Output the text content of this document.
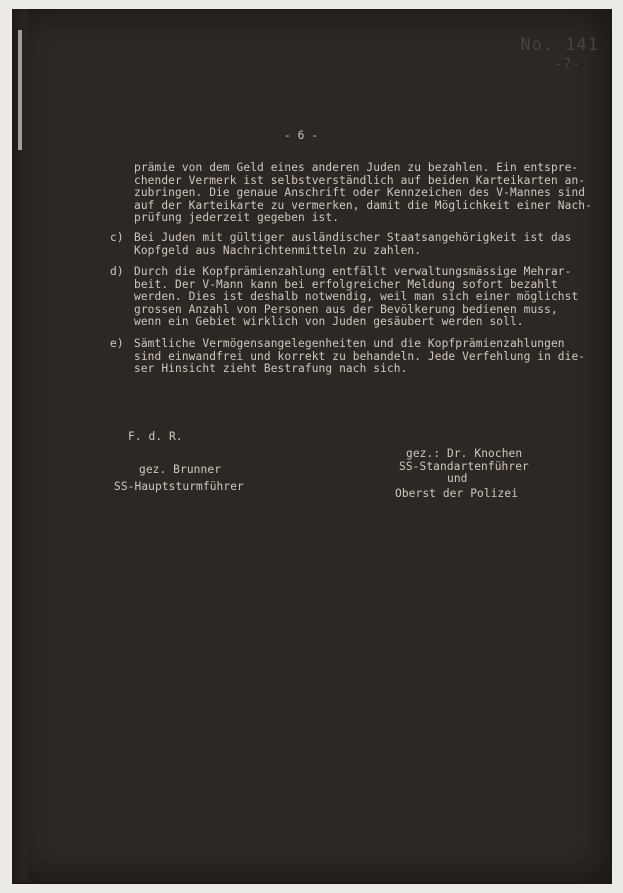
No. 141
-7-
- 6 -
prämie von dem Geld eines anderen Juden zu bezahlen. Ein entspre-
chender Vermerk ist selbstverständlich auf beiden Karteikarten an-
zubringen. Die genaue Anschrift oder Kennzeichen des V-Mannes sind
auf der Karteikarte zu vermerken, damit die Möglichkeit einer Nach-
prüfung jederzeit gegeben ist.
c) Bei Juden mit gültiger ausländischer Staatsangehörigkeit ist das
Kopfgeld aus Nachrichtenmitteln zu zahlen.
d) Durch die Kopfprämienzahlung entfällt verwaltungsmässige Mehrar-
beit. Der V-Mann kann bei erfolgreicher Meldung sofort bezahlt
werden. Dies ist deshalb notwendig, weil man sich einer möglichst
grossen Anzahl von Personen aus der Bevölkerung bedienen muss,
wenn ein Gebiet wirklich von Juden gesäubert werden soll.
e) Sämtliche Vermögensangelegenheiten und die Kopfprämienzahlungen
sind einwandfrei und korrekt zu behandeln. Jede Verfehlung in die-
ser Hinsicht zieht Bestrafung nach sich.
F. d. R.
gez. Brunner
SS-Hauptsturmführer
gez.: Dr. Knochen
SS-Standartenführer
und
Oberst der Polizei
